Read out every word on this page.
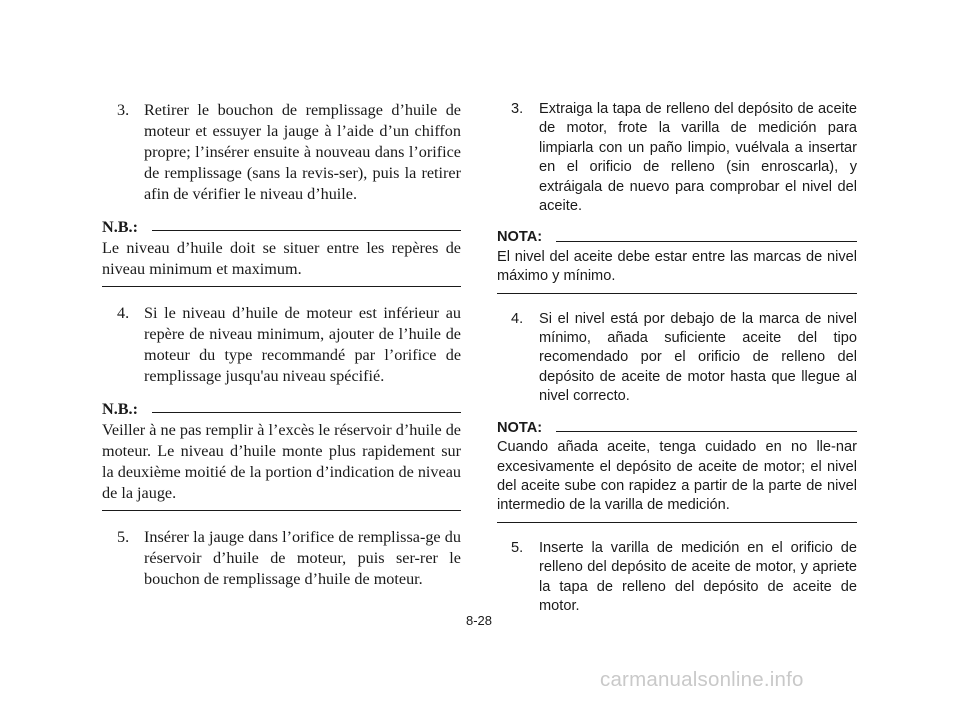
3. Retirer le bouchon de remplissage d’huile de moteur et essuyer la jauge à l’aide d’un chiffon propre; l’insérer ensuite à nouveau dans l’orifice de remplissage (sans la revis-ser), puis la retirer afin de vérifier le niveau d’huile.
N.B.:
Le niveau d’huile doit se situer entre les repères de niveau minimum et maximum.
4. Si le niveau d’huile de moteur est inférieur au repère de niveau minimum, ajouter de l’huile de moteur du type recommandé par l’orifice de remplissage jusqu'au niveau spécifié.
N.B.:
Veiller à ne pas remplir à l’excès le réservoir d’huile de moteur. Le niveau d’huile monte plus rapidement sur la deuxième moitié de la portion d’indication de niveau de la jauge.
5. Insérer la jauge dans l’orifice de remplissa-ge du réservoir d’huile de moteur, puis ser-rer le bouchon de remplissage d’huile de moteur.
3. Extraiga la tapa de relleno del depósito de aceite de motor, frote la varilla de medición para limpiarla con un paño limpio, vuélvala a insertar en el orificio de relleno (sin enroscarla), y extráigala de nuevo para comprobar el nivel del aceite.
NOTA:
El nivel del aceite debe estar entre las marcas de nivel máximo y mínimo.
4. Si el nivel está por debajo de la marca de nivel mínimo, añada suficiente aceite del tipo recomendado por el orificio de relleno del depósito de aceite de motor hasta que llegue al nivel correcto.
NOTA:
Cuando añada aceite, tenga cuidado en no lle-nar excesivamente el depósito de aceite de motor; el nivel del aceite sube con rapidez a partir de la parte de nivel intermedio de la varilla de medición.
5. Inserte la varilla de medición en el orificio de relleno del depósito de aceite de motor, y apriete la tapa de relleno del depósito de aceite de motor.
8-28
carmanualsonline.info
